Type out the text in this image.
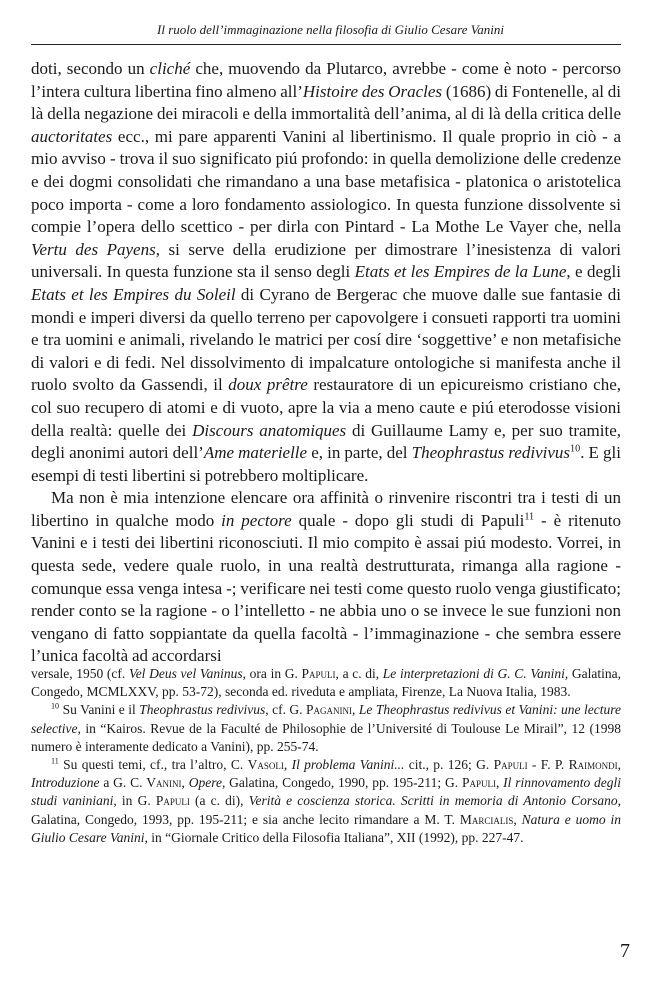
Il ruolo dell’immaginazione nella filosofia di Giulio Cesare Vanini

doti, secondo un cliché che, muovendo da Plutarco, avrebbe - come è noto - percorso l’intera cultura libertina fino almeno all’Histoire des Oracles (1686) di Fontenelle, al di là della negazione dei miracoli e della immortalità dell’anima, al di là della critica delle auctoritates ecc., mi pare apparenti Vanini al libertinismo. Il quale proprio in ciò - a mio avviso - trova il suo significato piú profondo: in quella demolizione delle credenze e dei dogmi consolidati che rimandano a una base metafisica - platonica o aristotelica poco importa - come a loro fondamento assiologico. In questa funzione dissolvente si compie l’opera dello scettico - per dirla con Pintard - La Mothe Le Vayer che, nella Vertu des Payens, si serve della erudizione per dimostrare l’inesistenza di valori universali. In questa funzione sta il senso degli Etats et les Empires de la Lune, e degli Etats et les Empires du Soleil di Cyrano de Bergerac che muove dalle sue fantasie di mondi e imperi diversi da quello terreno per capovolgere i consueti rapporti tra uomini e tra uomini e animali, rivelando le matrici per cosí dire ‘soggettive’ e non metafisiche di valori e di fedi. Nel dissolvimento di impalcature ontologiche si manifesta anche il ruolo svolto da Gassendi, il doux prêtre restauratore di un epicureismo cristiano che, col suo recupero di atomi e di vuoto, apre la via a meno caute e piú eterodosse visioni della realtà: quelle dei Discours anatomiques di Guillaume Lamy e, per suo tramite, degli anonimi autori dell’Ame materielle e, in parte, del Theophrastus redivivus$^{10}$. E gli esempi di testi libertini si potrebbero moltiplicare.

Ma non è mia intenzione elencare ora affinità o rinvenire riscontri tra i testi di un libertino in qualche modo in pectore quale - dopo gli studi di Papuli$^{11}$ - è ritenuto Vanini e i testi dei libertini riconosciuti. Il mio compito è assai piú modesto. Vorrei, in questa sede, vedere quale ruolo, in una realtà destrutturata, rimanga alla ragione - comunque essa venga intesa -; verificare nei testi come questo ruolo venga giustificato; render conto se la ragione - o l’intelletto - ne abbia uno o se invece le sue funzioni non vengano di fatto soppiantate da quella facoltà - l’immaginazione - che sembra essere l’unica facoltà ad accordarsi

versale, 1950 (cf. Vel Deus vel Vaninus, ora in G. Papuli, a c. di, Le interpretazioni di G. C. Vanini, Galatina, Congedo, MCMLXXV, pp. 53-72), seconda ed. riveduta e ampliata, Firenze, La Nuova Italia, 1983.

$^{10}$ Su Vanini e il Theophrastus redivivus, cf. G. Paganini, Le Theophrastus redivivus et Vanini: une lecture selective, in “Kairos. Revue de la Faculté de Philosophie de l’Université di Toulouse Le Mirail”, 12 (1998 numero è interamente dedicato a Vanini), pp. 255-74.

$^{11}$ Su questi temi, cf., tra l’altro, C. Vasoli, Il problema Vanini... cit., p. 126; G. Papuli - F. P. Raimondi, Introduzione a G. C. Vanini, Opere, Galatina, Congedo, 1990, pp. 195-211; G. Papuli, Il rinnovamento degli studi vaniniani, in G. Papuli (a c. di), Verità e coscienza storica. Scritti in memoria di Antonio Corsano, Galatina, Congedo, 1993, pp. 195-211; e sia anche lecito rimandare a M. T. Marcialis, Natura e uomo in Giulio Cesare Vanini, in “Giornale Critico della Filosofia Italiana”, XII (1992), pp. 227-47.

7
